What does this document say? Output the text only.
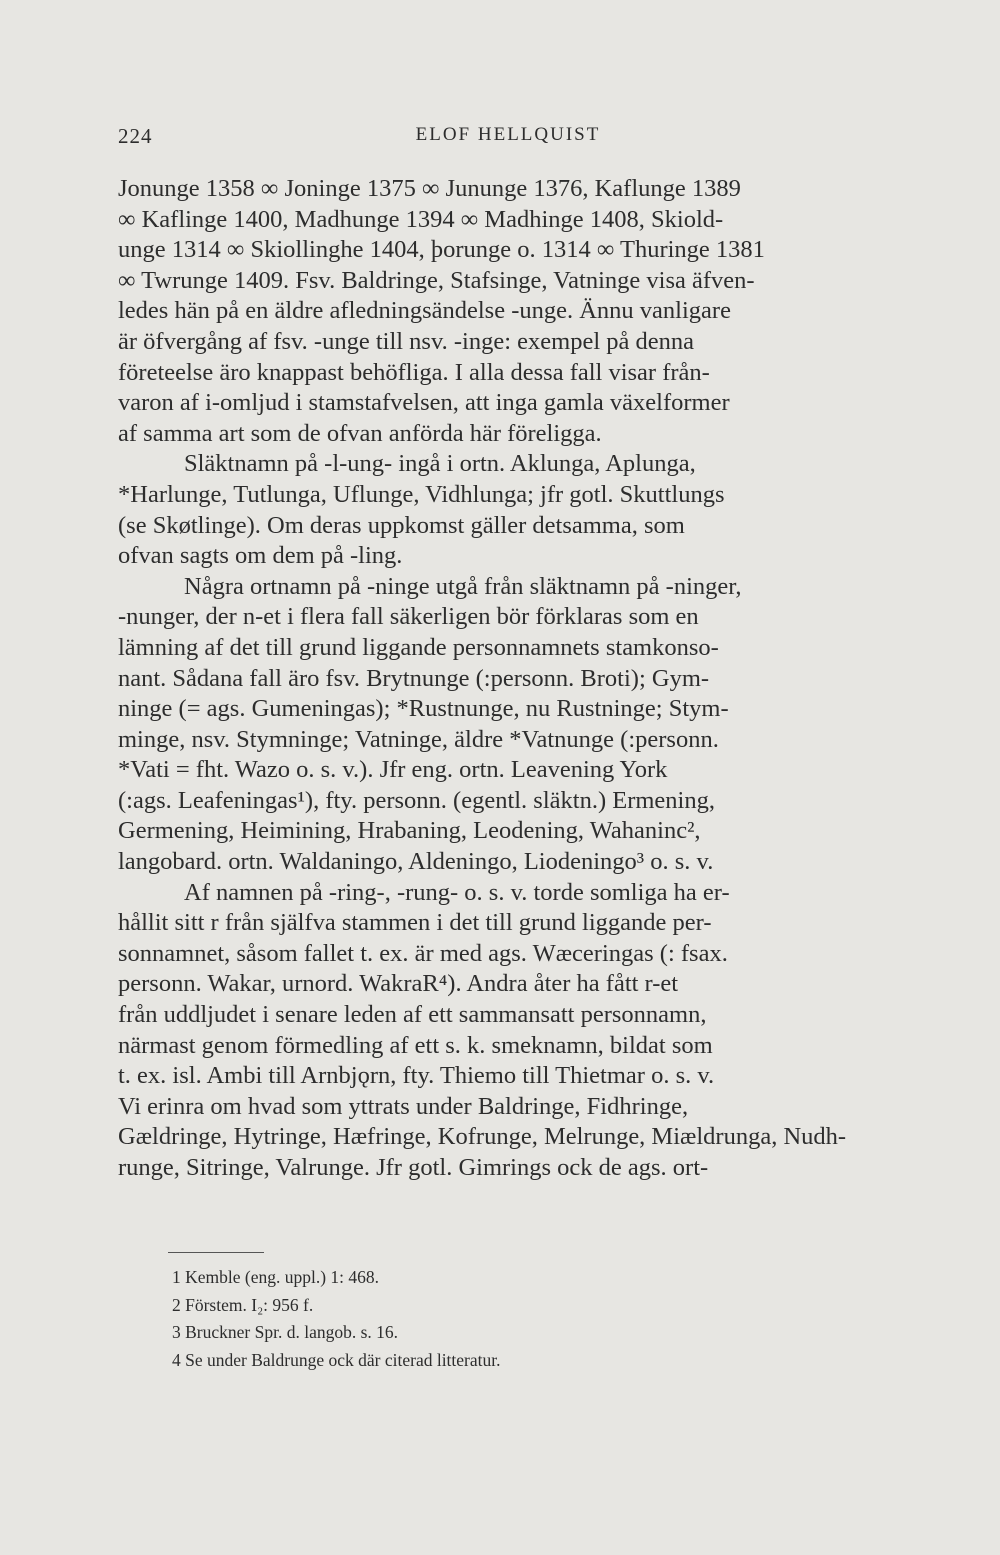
224	ELOF HELLQUIST
Jonunge 1358 ∞ Joninge 1375 ∞ Jununge 1376, Kaflunge 1389
∞ Kaflinge 1400, Madhunge 1394 ∞ Madhinge 1408, Skiold-
unge 1314 ∞ Skiollinghe 1404, þorunge o. 1314 ∞ Thuringe 1381
∞ Twrunge 1409. Fsv. Baldringe, Stafsinge, Vatninge visa äfven-
ledes hän på en äldre afledningsändelse -unge. Ännu vanligare
är öfvergång af fsv. -unge till nsv. -inge: exempel på denna
företeelse äro knappast behöfliga. I alla dessa fall visar från-
varon af i-omljud i stamstafvelsen, att inga gamla växelformer
af samma art som de ofvan anförda här föreligga.
Släktnamn på -l-ung- ingå i ortn. Aklunga, Aplunga,
*Harlunge, Tutlunga, Uflunge, Vidhlunga; jfr gotl. Skuttlungs
(se Skøtlinge). Om deras uppkomst gäller detsamma, som
ofvan sagts om dem på -ling.
Några ortnamn på -ninge utgå från släktnamn på -ninger,
-nunger, der n-et i flera fall säkerligen bör förklaras som en
lämning af det till grund liggande personnamnets stamkonso-
nant. Sådana fall äro fsv. Brytnunge (:personn. Broti); Gym-
ninge (= ags. Gumeningas); *Rustnunge, nu Rustninge; Stym-
minge, nsv. Stymninge; Vatninge, äldre *Vatnunge (:personn.
*Vati = fht. Wazo o. s. v.). Jfr eng. ortn. Leavening York
(:ags. Leafeningas¹), fty. personn. (egentl. släktn.) Ermening,
Germening, Heimining, Hrabaning, Leodening, Wahaninc²,
langobard. ortn. Waldaningo, Aldeningo, Liodeningo³ o. s. v.
Af namnen på -ring-, -rung- o. s. v. torde somliga ha er-
hållit sitt r från själfva stammen i det till grund liggande per-
sonnamnet, såsom fallet t. ex. är med ags. Wæceringas (: fsax.
personn. Wakar, urnord. WakraR⁴). Andra åter ha fått r-et
från uddljudet i senare leden af ett sammansatt personnamn,
närmast genom förmedling af ett s. k. smeknamn, bildat som
t. ex. isl. Ambi till Arnbjǫrn, fty. Thiemo till Thietmar o. s. v.
Vi erinra om hvad som yttrats under Baldringe, Fidhringe,
Gældringe, Hytringe, Hæfringe, Kofrunge, Melrunge, Miældrunga, Nudh-
runge, Sitringe, Valrunge. Jfr gotl. Gimrings ock de ags. ort-
1 Kemble (eng. uppl.) 1: 468.
2 Förstem. I₂: 956 f.
3 Bruckner Spr. d. langob. s. 16.
4 Se under Baldrunge ock där citerad litteratur.
